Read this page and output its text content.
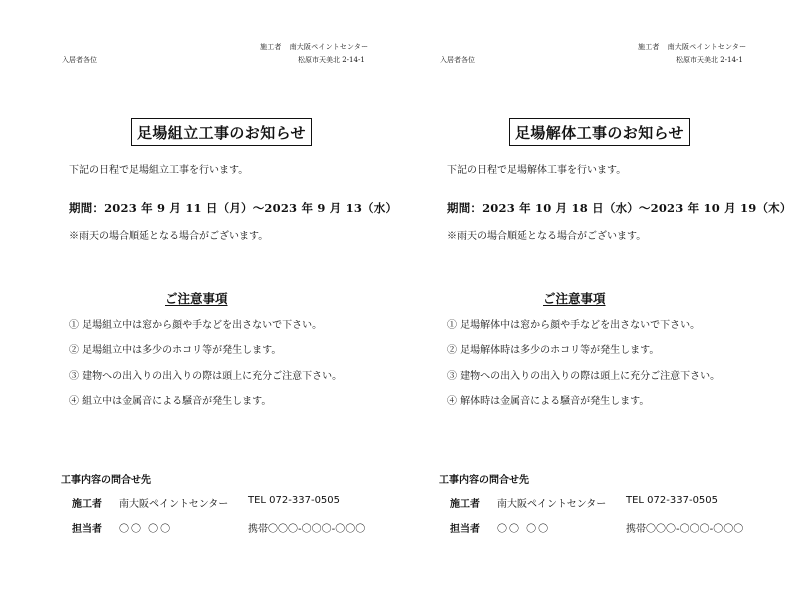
施工者 南大阪ペイントセンター
入居者各位	松原市天美北 2-14-1
足場組立工事のお知らせ
下記の日程で足場組立工事を行います。
期間：2023 年 9 月 11 日（月）～2023 年 9 月 13（水）
※雨天の場合順延となる場合がございます。
ご注意事項
① 足場組立中は窓から顔や手などを出さないで下さい。
② 足場組立中は多少のホコリ等が発生します。
③ 建物への出入りの出入りの際は頭上に充分ご注意下さい。
④ 組立中は金属音による騒音が発生します。
工事内容の問合せ先
施工者 南大阪ペイントセンター TEL 072-337-0505
担当者 〇〇 〇〇	携帯〇〇〇-〇〇〇-〇〇〇
施工者 南大阪ペイントセンター
入居者各位	松原市天美北 2-14-1
足場解体工事のお知らせ
下記の日程で足場解体工事を行います。
期間：2023 年 10 月 18 日（水）～2023 年 10 月 19（木）
※雨天の場合順延となる場合がございます。
ご注意事項
① 足場解体中は窓から顔や手などを出さないで下さい。
② 足場解体時は多少のホコリ等が発生します。
③ 建物への出入りの出入りの際は頭上に充分ご注意下さい。
④ 解体時は金属音による騒音が発生します。
工事内容の問合せ先
施工者 南大阪ペイントセンター TEL 072-337-0505
担当者 〇〇 〇〇	携帯〇〇〇-〇〇〇-〇〇〇
